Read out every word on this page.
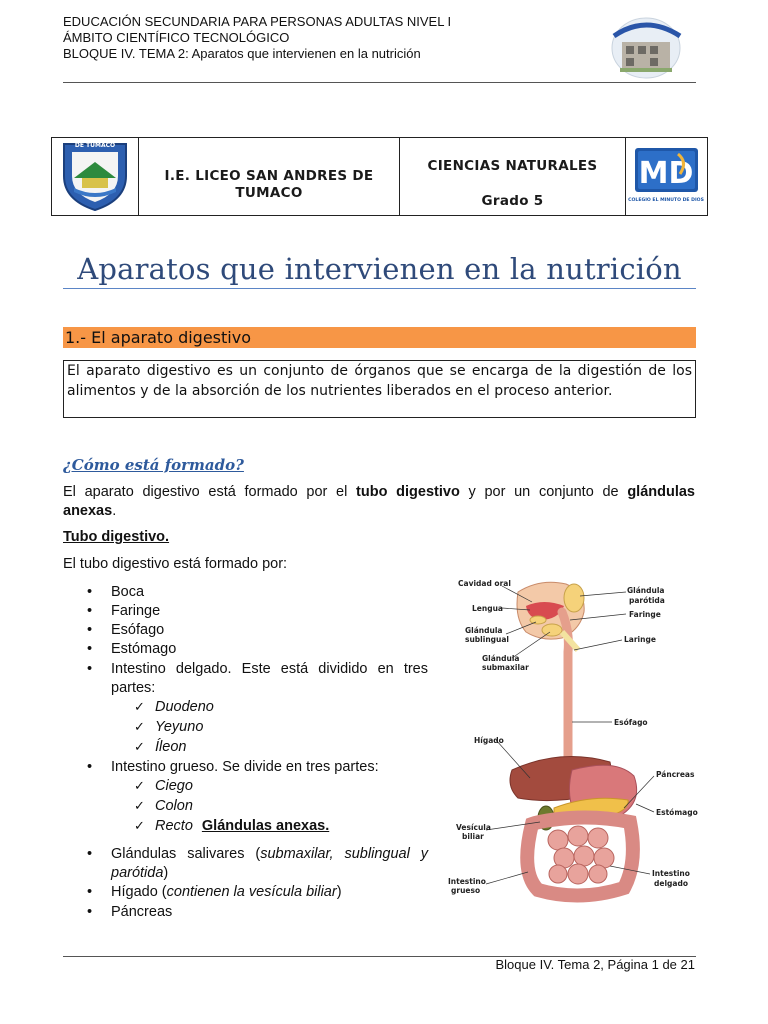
EDUCACIÓN SECUNDARIA PARA PERSONAS ADULTAS NIVEL I
ÁMBITO CIENTÍFICO TECNOLÓGICO
BLOQUE IV. TEMA 2: Aparatos que intervienen en la nutrición
DE TUMACO
I.E. LICEO SAN ANDRES DE
TUMACO
CIENCIAS NATURALES
Grado 5
MD
COLEGIO EL MINUTO DE DIOS
Aparatos que intervienen en la nutrición
1.- El aparato digestivo
El aparato digestivo es un conjunto de órganos que se encarga de la digestión de los alimentos y de la absorción de los nutrientes liberados en el proceso anterior.
¿Cómo está formado?
El aparato digestivo está formado por el tubo digestivo y por un conjunto de glándulas
anexas.
Tubo digestivo.
El tubo digestivo está formado por:
• Boca
• Faringe
• Esófago
• Estómago
• Intestino delgado. Este está dividido en tres
partes:
✓ Duodeno
✓ Yeyuno
✓ Íleon
• Intestino grueso. Se divide en tres partes:
✓ Ciego
✓ Colon
✓ Recto Glándulas anexas.
• Glándulas salivares (submaxilar, sublingual y
parótida)
• Hígado (contienen la vesícula biliar)
• Páncreas
Cavidad oral
Lengua
Glándula
sublingual
Glándula
submaxilar
Glándula
parótida
Faringe
Laringe
Esófago
Hígado
Páncreas
Estómago
Vesícula
biliar
Intestino
grueso
Intestino
delgado
Bloque IV. Tema 2, Página 1 de 21
